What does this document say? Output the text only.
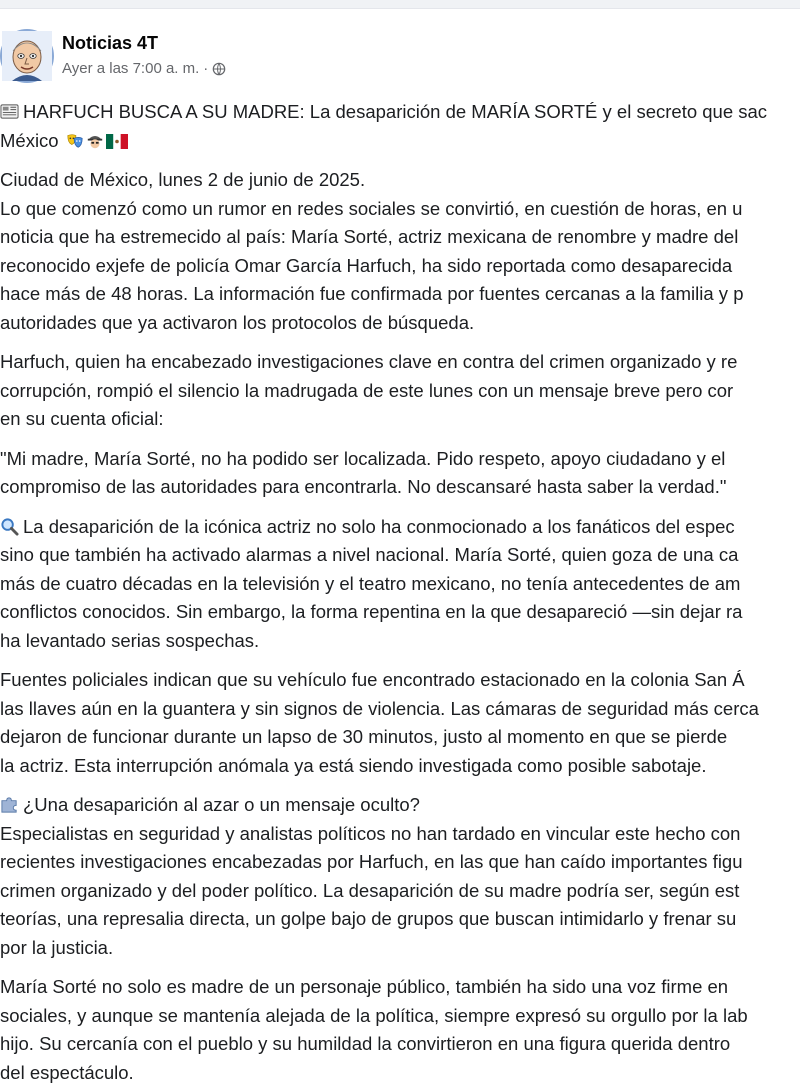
Noticias 4T
Ayer a las 7:00 a. m. ·
HARFUCH BUSCA A SU MADRE: La desaparición de MARÍA SORTÉ y el secreto que sac
México
Ciudad de México, lunes 2 de junio de 2025.
Lo que comenzó como un rumor en redes sociales se convirtió, en cuestión de horas, en u
noticia que ha estremecido al país: María Sorté, actriz mexicana de renombre y madre del
reconocido exjefe de policía Omar García Harfuch, ha sido reportada como desaparecida
hace más de 48 horas. La información fue confirmada por fuentes cercanas a la familia y p
autoridades que ya activaron los protocolos de búsqueda.
Harfuch, quien ha encabezado investigaciones clave en contra del crimen organizado y re
corrupción, rompió el silencio la madrugada de este lunes con un mensaje breve pero cor
en su cuenta oficial:
"Mi madre, María Sorté, no ha podido ser localizada. Pido respeto, apoyo ciudadano y el
compromiso de las autoridades para encontrarla. No descansaré hasta saber la verdad."
La desaparición de la icónica actriz no solo ha conmocionado a los fanáticos del espec
sino que también ha activado alarmas a nivel nacional. María Sorté, quien goza de una ca
más de cuatro décadas en la televisión y el teatro mexicano, no tenía antecedentes de am
conflictos conocidos. Sin embargo, la forma repentina en la que desapareció —sin dejar ra
ha levantado serias sospechas.
Fuentes policiales indican que su vehículo fue encontrado estacionado en la colonia San Á
las llaves aún en la guantera y sin signos de violencia. Las cámaras de seguridad más cerca
dejaron de funcionar durante un lapso de 30 minutos, justo al momento en que se pierde
la actriz. Esta interrupción anómala ya está siendo investigada como posible sabotaje.
¿Una desaparición al azar o un mensaje oculto?
Especialistas en seguridad y analistas políticos no han tardado en vincular este hecho con
recientes investigaciones encabezadas por Harfuch, en las que han caído importantes figu
crimen organizado y del poder político. La desaparición de su madre podría ser, según est
teorías, una represalia directa, un golpe bajo de grupos que buscan intimidarlo y frenar su
por la justicia.
María Sorté no solo es madre de un personaje público, también ha sido una voz firme en
sociales, y aunque se mantenía alejada de la política, siempre expresó su orgullo por la lab
hijo. Su cercanía con el pueblo y su humildad la convirtieron en una figura querida dentro
del espectáculo.
